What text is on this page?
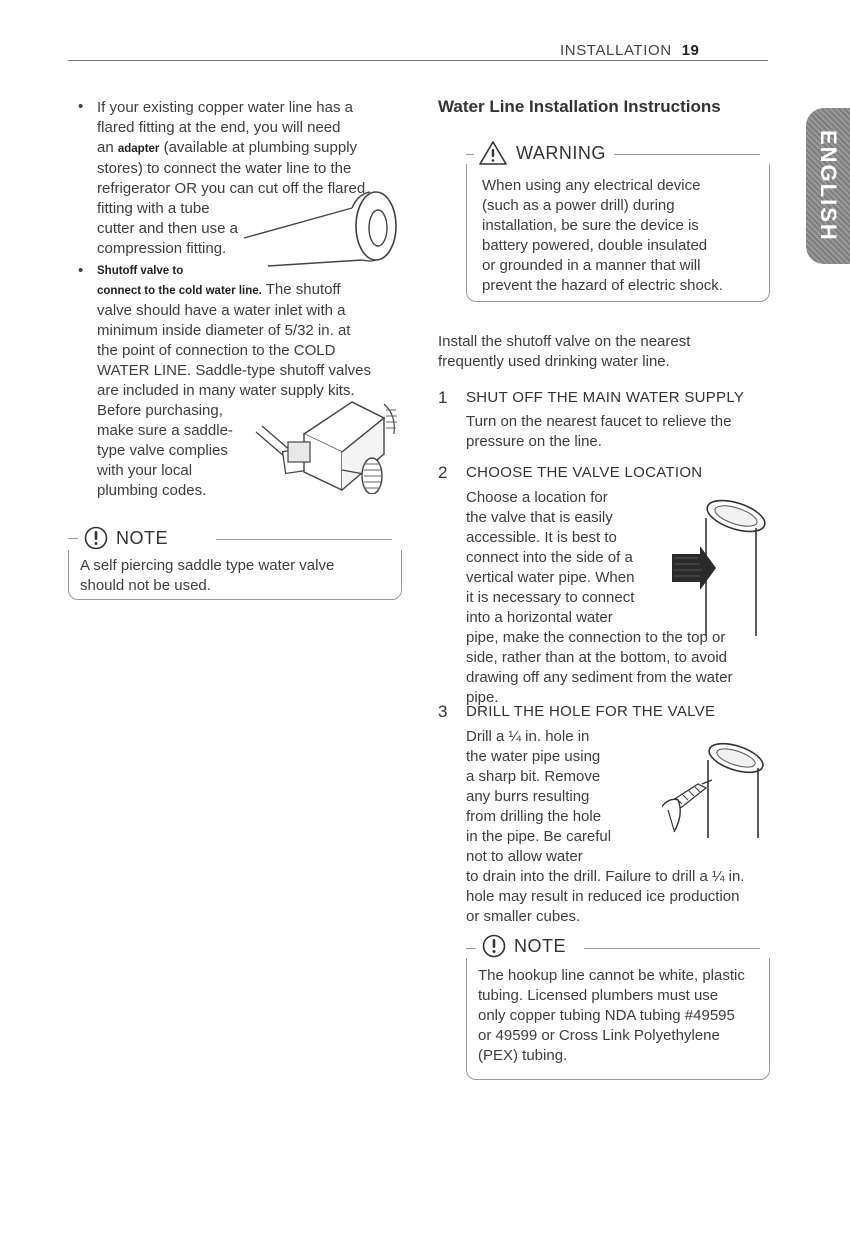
INSTALLATION 19
ENGLISH
• If your existing copper water line has a
flared fitting at the end, you will need
an adapter (available at plumbing supply
stores) to connect the water line to the
refrigerator OR you can cut off the flared
fitting with a tube
cutter and then use a
compression fitting.
• Shutoff valve to
connect to the cold water line. The shutoff
valve should have a water inlet with a
minimum inside diameter of 5/32 in. at
the point of connection to the COLD
WATER LINE. Saddle-type shutoff valves
are included in many water supply kits.
Before purchasing,
make sure a saddle-
type valve complies
with your local
plumbing codes.
NOTE
A self piercing saddle type water valve
should not be used.
Water Line Installation Instructions
WARNING
When using any electrical device
(such as a power drill) during
installation, be sure the device is
battery powered, double insulated
or grounded in a manner that will
prevent the hazard of electric shock.
Install the shutoff valve on the nearest
frequently used drinking water line.
1 SHUT OFF THE MAIN WATER SUPPLY
Turn on the nearest faucet to relieve the
pressure on the line.
2 CHOOSE THE VALVE LOCATION
Choose a location for
the valve that is easily
accessible. It is best to
connect into the side of a
vertical water pipe. When
it is necessary to connect
into a horizontal water
pipe, make the connection to the top or
side, rather than at the bottom, to avoid
drawing off any sediment from the water
pipe.
3 DRILL THE HOLE FOR THE VALVE
Drill a ¼ in. hole in
the water pipe using
a sharp bit. Remove
any burrs resulting
from drilling the hole
in the pipe. Be careful
not to allow water
to drain into the drill. Failure to drill a ¼ in.
hole may result in reduced ice production
or smaller cubes.
NOTE
The hookup line cannot be white, plastic
tubing. Licensed plumbers must use
only copper tubing NDA tubing #49595
or 49599 or Cross Link Polyethylene
(PEX) tubing.
